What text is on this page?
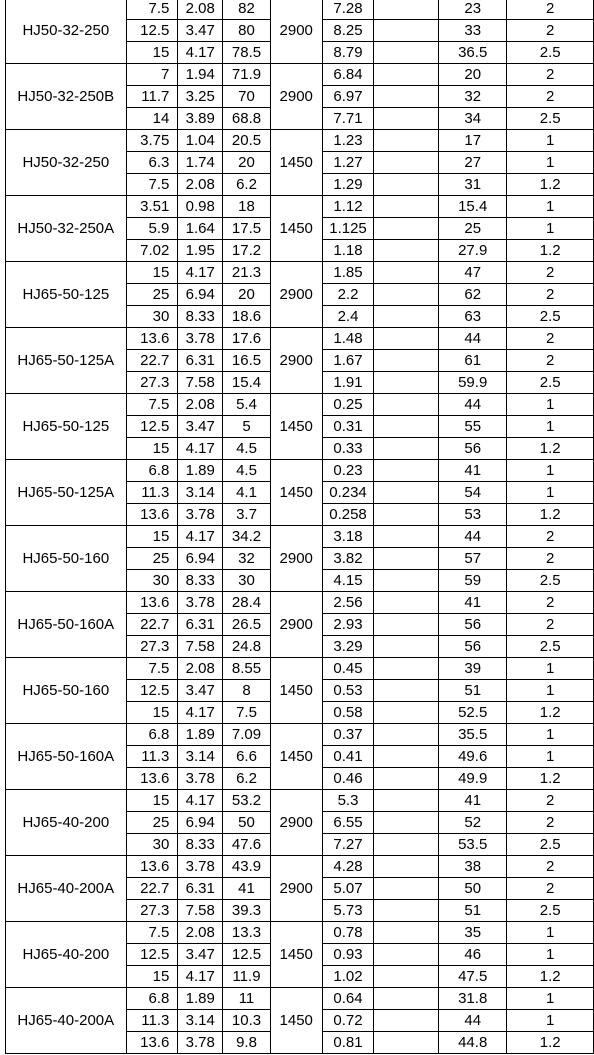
HJ50-32-250	7.5	2.08	82	2900	7.28		23	2
	12.5	3.47	80		8.25		33	2
	15	4.17	78.5		8.79		36.5	2.5
HJ50-32-250B	7	1.94	71.9	2900	6.84		20	2
	11.7	3.25	70		6.97		32	2
	14	3.89	68.8		7.71		34	2.5
HJ50-32-250	3.75	1.04	20.5	1450	1.23		17	1
	6.3	1.74	20		1.27		27	1
	7.5	2.08	6.2		1.29		31	1.2
HJ50-32-250A	3.51	0.98	18	1450	1.12		15.4	1
	5.9	1.64	17.5		1.125		25	1
	7.02	1.95	17.2		1.18		27.9	1.2
HJ65-50-125	15	4.17	21.3	2900	1.85		47	2
	25	6.94	20		2.2		62	2
	30	8.33	18.6		2.4		63	2.5
HJ65-50-125A	13.6	3.78	17.6	2900	1.48		44	2
	22.7	6.31	16.5		1.67		61	2
	27.3	7.58	15.4		1.91		59.9	2.5
HJ65-50-125	7.5	2.08	5.4	1450	0.25		44	1
	12.5	3.47	5		0.31		55	1
	15	4.17	4.5		0.33		56	1.2
HJ65-50-125A	6.8	1.89	4.5	1450	0.23		41	1
	11.3	3.14	4.1		0.234		54	1
	13.6	3.78	3.7		0.258		53	1.2
HJ65-50-160	15	4.17	34.2	2900	3.18		44	2
	25	6.94	32		3.82		57	2
	30	8.33	30		4.15		59	2.5
HJ65-50-160A	13.6	3.78	28.4	2900	2.56		41	2
	22.7	6.31	26.5		2.93		56	2
	27.3	7.58	24.8		3.29		56	2.5
HJ65-50-160	7.5	2.08	8.55	1450	0.45		39	1
	12.5	3.47	8		0.53		51	1
	15	4.17	7.5		0.58		52.5	1.2
HJ65-50-160A	6.8	1.89	7.09	1450	0.37		35.5	1
	11.3	3.14	6.6		0.41		49.6	1
	13.6	3.78	6.2		0.46		49.9	1.2
HJ65-40-200	15	4.17	53.2	2900	5.3		41	2
	25	6.94	50		6.55		52	2
	30	8.33	47.6		7.27		53.5	2.5
HJ65-40-200A	13.6	3.78	43.9	2900	4.28		38	2
	22.7	6.31	41		5.07		50	2
	27.3	7.58	39.3		5.73		51	2.5
HJ65-40-200	7.5	2.08	13.3	1450	0.78		35	1
	12.5	3.47	12.5		0.93		46	1
	15	4.17	11.9		1.02		47.5	1.2
HJ65-40-200A	6.8	1.89	11	1450	0.64		31.8	1
	11.3	3.14	10.3		0.72		44	1
	13.6	3.78	9.8		0.81		44.8	1.2
